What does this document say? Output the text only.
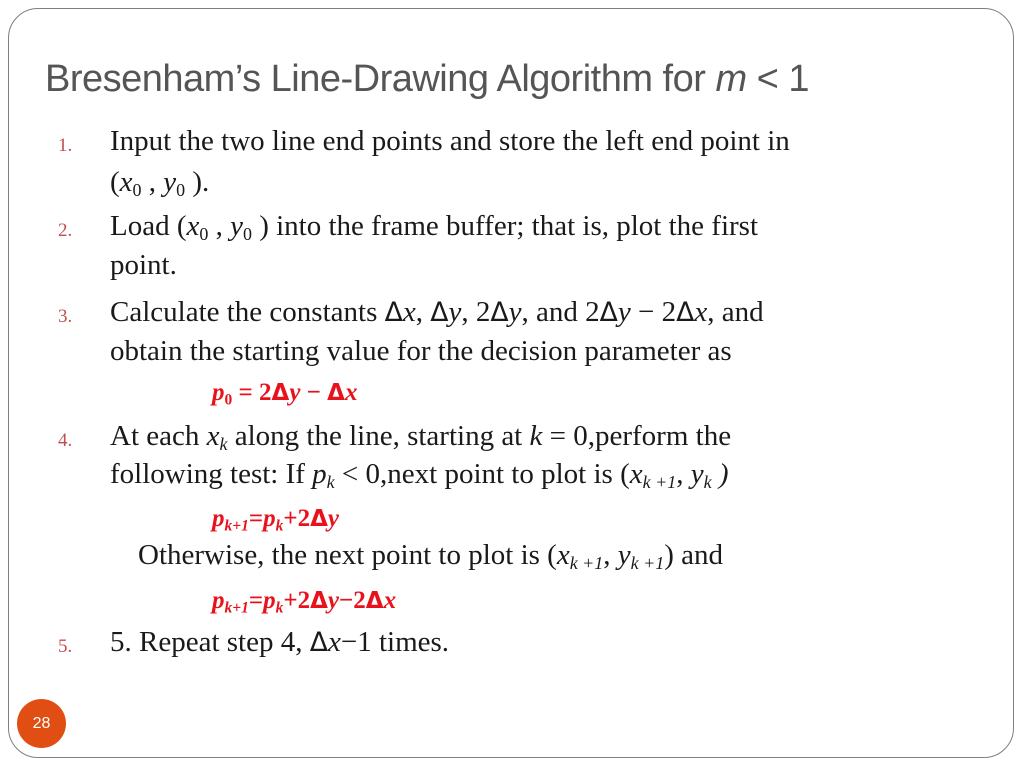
Bresenham’s Line-Drawing Algorithm for m < 1
1. Input the two line end points and store the left end point in
($x_0$ , $y_0$ ).
2. Load ($x_0$ , $y_0$ ) into the frame buffer; that is, plot the first
point.
3. Calculate the constants Δx, Δy, 2Δy, and 2Δy − 2Δx, and
obtain the starting value for the decision parameter as
$p_0 = 2\Delta y - \Delta x$
4. At each $x_k$ along the line, starting at k = 0,perform the
following test: If $p_k$ < 0,next point to plot is ($x_{k +1}$, $y_k$ )
$p_{k+1}=p_k+2\Delta y$
Otherwise, the next point to plot is ($x_{k +1}$, $y_{k +1}$) and
$p_{k+1}=p_k+2\Delta y-2\Delta x$
5. 5. Repeat step 4, Δx−1 times.
28
